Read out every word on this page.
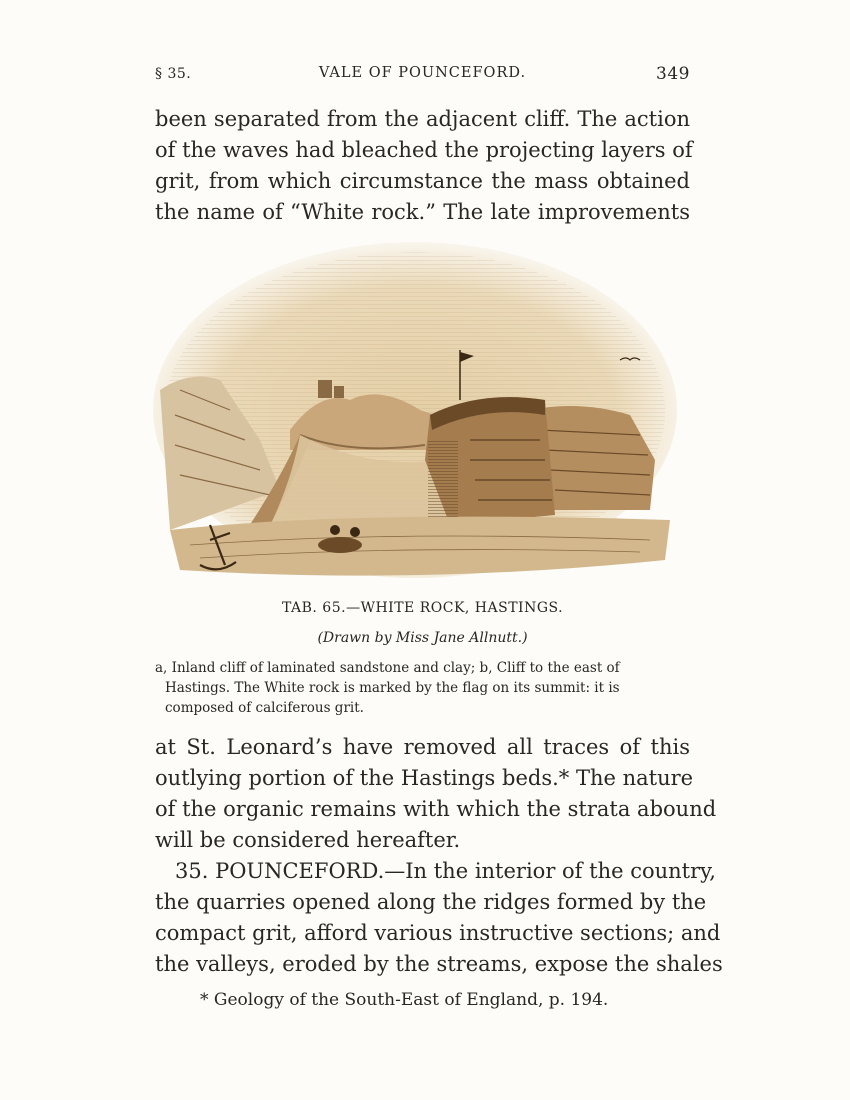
§ 35.	VALE OF POUNCEFORD.	349
been separated from the adjacent cliff. The action
of the waves had bleached the projecting layers of
grit, from which circumstance the mass obtained
the name of “White rock.” The late improvements
TAB. 65.—WHITE ROCK, HASTINGS.
(Drawn by Miss Jane Allnutt.)
a, Inland cliff of laminated sandstone and clay; b, Cliff to the east of
Hastings. The White rock is marked by the flag on its summit: it is
composed of calciferous grit.
at St. Leonard’s have removed all traces of this
outlying portion of the Hastings beds.* The nature
of the organic remains with which the strata abound
will be considered hereafter.
35. POUNCEFORD.—In the interior of the country,
the quarries opened along the ridges formed by the
compact grit, afford various instructive sections; and
the valleys, eroded by the streams, expose the shales
* Geology of the South-East of England, p. 194.
